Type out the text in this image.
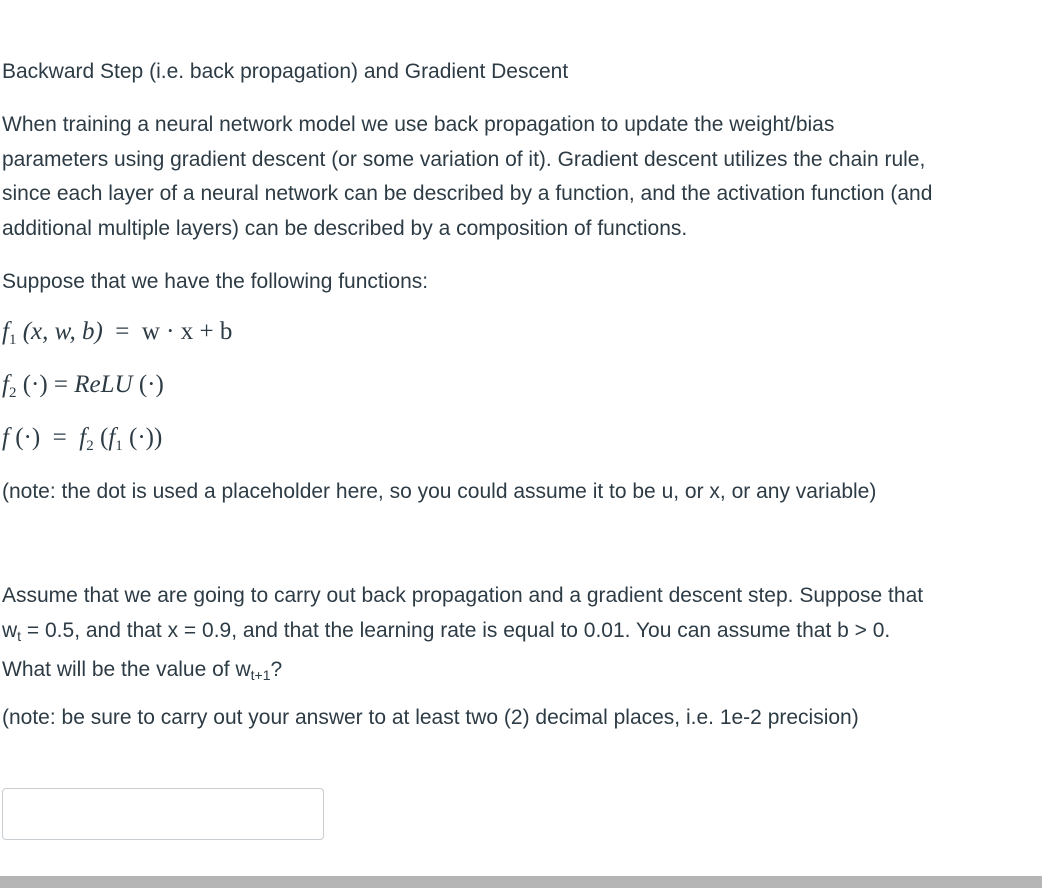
Backward Step (i.e. back propagation) and Gradient Descent

When training a neural network model we use back propagation to update the weight/bias
parameters using gradient descent (or some variation of it). Gradient descent utilizes the chain rule,
since each layer of a neural network can be described by a function, and the activation function (and
additional multiple layers) can be described by a composition of functions.

Suppose that we have the following functions:

$f_1$ (x, w, b) =  w · x + b
$f_2$ (·) = ReLU (·)
f (·)  =  $f_2$ ($f_1$ (·))

(note: the dot is used a placeholder here, so you could assume it to be u, or x, or any variable)

Assume that we are going to carry out back propagation and a gradient descent step. Suppose that
wt = 0.5, and that x = 0.9, and that the learning rate is equal to 0.01. You can assume that b > 0.
What will be the value of wt+1?

(note: be sure to carry out your answer to at least two (2) decimal places, i.e. 1e-2 precision)
